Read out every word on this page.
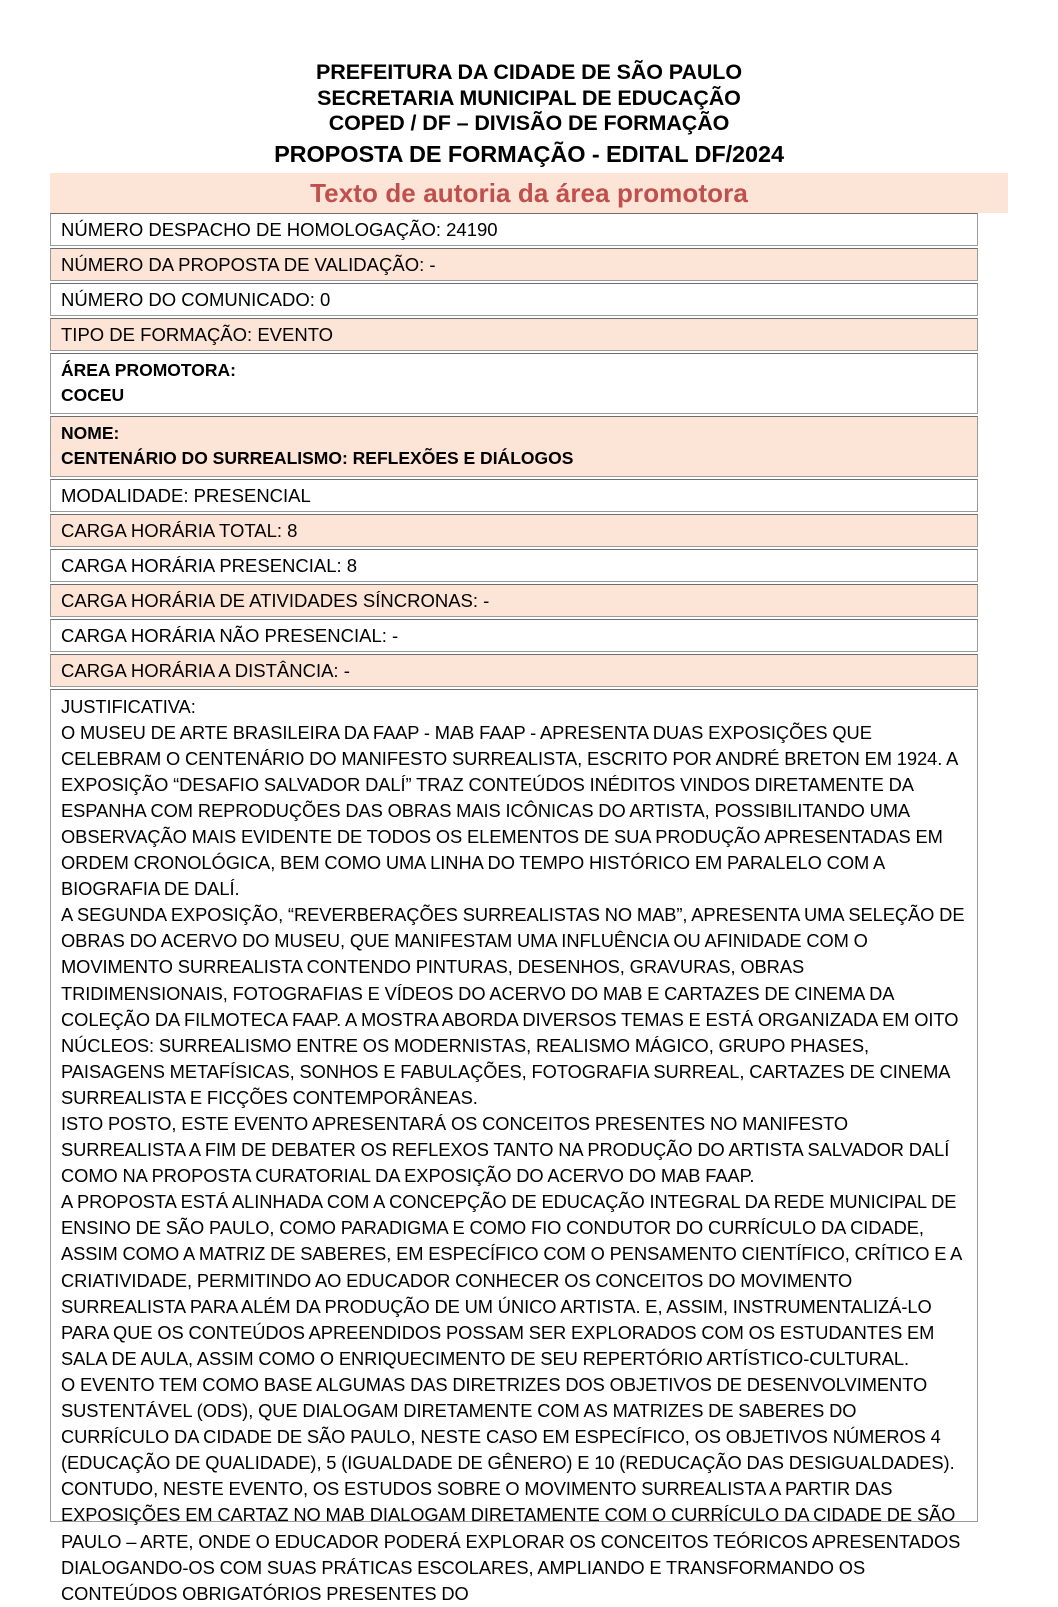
PREFEITURA DA CIDADE DE SÃO PAULO
SECRETARIA MUNICIPAL DE EDUCAÇÃO
COPED / DF – DIVISÃO DE FORMAÇÃO
PROPOSTA DE FORMAÇÃO - EDITAL DF/2024
Texto de autoria da área promotora
NÚMERO DESPACHO DE HOMOLOGAÇÃO: 24190
NÚMERO DA PROPOSTA DE VALIDAÇÃO: -
NÚMERO DO COMUNICADO: 0
TIPO DE FORMAÇÃO: EVENTO
ÁREA PROMOTORA:
COCEU
NOME:
CENTENÁRIO DO SURREALISMO: REFLEXÕES E DIÁLOGOS
MODALIDADE: PRESENCIAL
CARGA HORÁRIA TOTAL: 8
CARGA HORÁRIA PRESENCIAL: 8
CARGA HORÁRIA DE ATIVIDADES SÍNCRONAS: -
CARGA HORÁRIA NÃO PRESENCIAL: -
CARGA HORÁRIA A DISTÂNCIA: -

JUSTIFICATIVA:

O MUSEU DE ARTE BRASILEIRA DA FAAP - MAB FAAP - APRESENTA DUAS EXPOSIÇÕES QUE CELEBRAM O CENTENÁRIO DO MANIFESTO SURREALISTA, ESCRITO POR ANDRÉ BRETON EM 1924. A EXPOSIÇÃO “DESAFIO SALVADOR DALÍ” TRAZ CONTEÚDOS INÉDITOS VINDOS DIRETAMENTE DA ESPANHA COM REPRODUÇÕES DAS OBRAS MAIS ICÔNICAS DO ARTISTA, POSSIBILITANDO UMA OBSERVAÇÃO MAIS EVIDENTE DE TODOS OS ELEMENTOS DE SUA PRODUÇÃO APRESENTADAS EM ORDEM CRONOLÓGICA, BEM COMO UMA LINHA DO TEMPO HISTÓRICO EM PARALELO COM A BIOGRAFIA DE DALÍ.

A SEGUNDA EXPOSIÇÃO, “REVERBERAÇÕES SURREALISTAS NO MAB”, APRESENTA UMA SELEÇÃO DE OBRAS DO ACERVO DO MUSEU, QUE MANIFESTAM UMA INFLUÊNCIA OU AFINIDADE COM O MOVIMENTO SURREALISTA CONTENDO PINTURAS, DESENHOS, GRAVURAS, OBRAS TRIDIMENSIONAIS, FOTOGRAFIAS E VÍDEOS DO ACERVO DO MAB E CARTAZES DE CINEMA DA COLEÇÃO DA FILMOTECA FAAP. A MOSTRA ABORDA DIVERSOS TEMAS E ESTÁ ORGANIZADA EM OITO NÚCLEOS: SURREALISMO ENTRE OS MODERNISTAS, REALISMO MÁGICO, GRUPO PHASES, PAISAGENS METAFÍSICAS, SONHOS E FABULAÇÕES, FOTOGRAFIA SURREAL, CARTAZES DE CINEMA SURREALISTA E FICÇÕES CONTEMPORÂNEAS.

ISTO POSTO, ESTE EVENTO APRESENTARÁ OS CONCEITOS PRESENTES NO MANIFESTO SURREALISTA A FIM DE DEBATER OS REFLEXOS TANTO NA PRODUÇÃO DO ARTISTA SALVADOR DALÍ COMO NA PROPOSTA CURATORIAL DA EXPOSIÇÃO DO ACERVO DO MAB FAAP.

A PROPOSTA ESTÁ ALINHADA COM A CONCEPÇÃO DE EDUCAÇÃO INTEGRAL DA REDE MUNICIPAL DE ENSINO DE SÃO PAULO, COMO PARADIGMA E COMO FIO CONDUTOR DO CURRÍCULO DA CIDADE, ASSIM COMO A MATRIZ DE SABERES, EM ESPECÍFICO COM O PENSAMENTO CIENTÍFICO, CRÍTICO E A CRIATIVIDADE, PERMITINDO AO EDUCADOR CONHECER OS CONCEITOS DO MOVIMENTO SURREALISTA PARA ALÉM DA PRODUÇÃO DE UM ÚNICO ARTISTA. E, ASSIM, INSTRUMENTALIZÁ-LO PARA QUE OS CONTEÚDOS APREENDIDOS POSSAM SER EXPLORADOS COM OS ESTUDANTES EM SALA DE AULA, ASSIM COMO O ENRIQUECIMENTO DE SEU REPERTÓRIO ARTÍSTICO-CULTURAL.

O EVENTO TEM COMO BASE ALGUMAS DAS DIRETRIZES DOS OBJETIVOS DE DESENVOLVIMENTO SUSTENTÁVEL (ODS), QUE DIALOGAM DIRETAMENTE COM AS MATRIZES DE SABERES DO CURRÍCULO DA CIDADE DE SÃO PAULO, NESTE CASO EM ESPECÍFICO, OS OBJETIVOS NÚMEROS 4 (EDUCAÇÃO DE QUALIDADE), 5 (IGUALDADE DE GÊNERO) E 10 (REDUCAÇÃO DAS DESIGUALDADES).

CONTUDO, NESTE EVENTO, OS ESTUDOS SOBRE O MOVIMENTO SURREALISTA A PARTIR DAS EXPOSIÇÕES EM CARTAZ NO MAB DIALOGAM DIRETAMENTE COM O CURRÍCULO DA CIDADE DE SÃO PAULO – ARTE, ONDE O EDUCADOR PODERÁ EXPLORAR OS CONCEITOS TEÓRICOS APRESENTADOS DIALOGANDO-OS COM SUAS PRÁTICAS ESCOLARES, AMPLIANDO E TRANSFORMANDO OS CONTEÚDOS OBRIGATÓRIOS PRESENTES DO
